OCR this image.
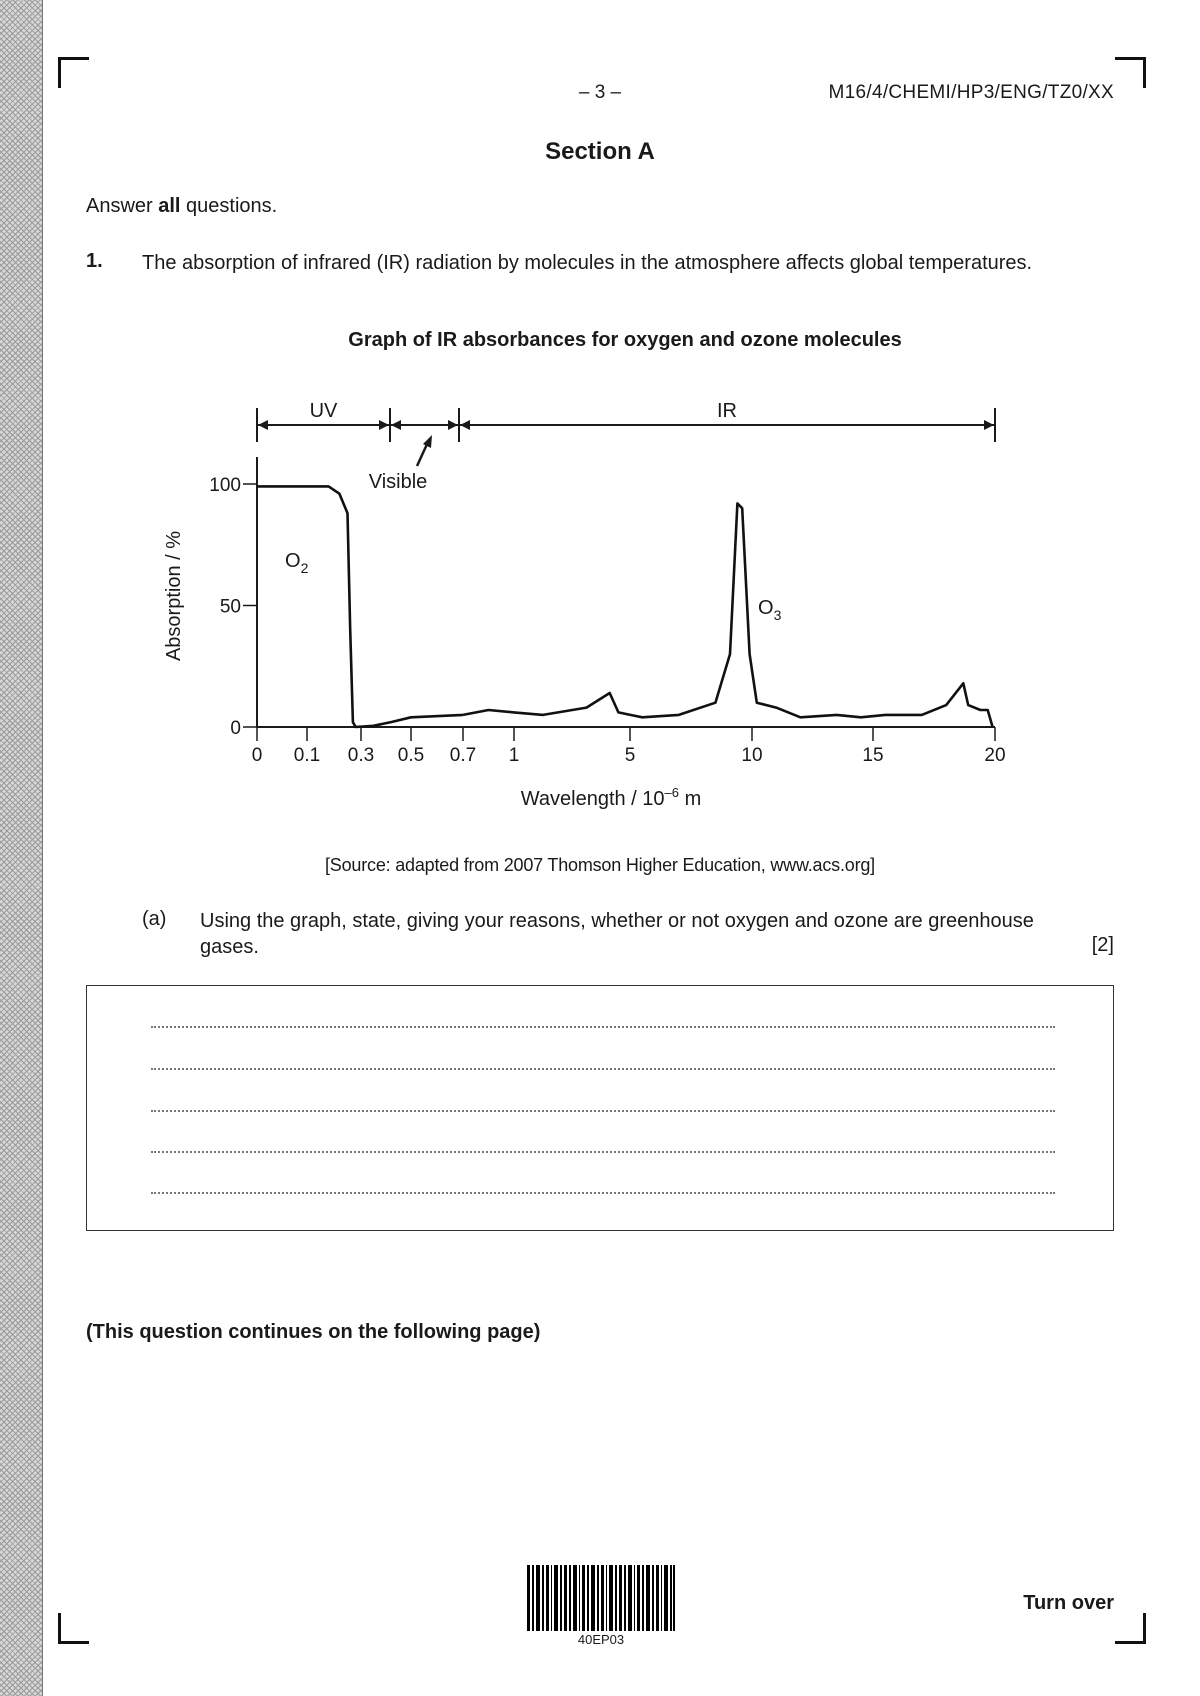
– 3 –	M16/4/CHEMI/HP3/ENG/TZ0/XX
Section A
Answer all questions.
1. The absorption of infrared (IR) radiation by molecules in the atmosphere affects global temperatures.
Graph of IR absorbances for oxygen and ozone molecules
0 0.1 0.3 0.5 0.7 1	5	10	15	20
0
50
100
Wavelength / $10^{-6}$ m
Absorption / %
UV
Visible
IR
$O_2$
$O_3$
[Source: adapted from 2007 Thomson Higher Education, www.acs.org]
(a) Using the graph, state, giving your reasons, whether or not oxygen and ozone are greenhouse gases.	[2]
(This question continues on the following page)
40EP03
Turn over
